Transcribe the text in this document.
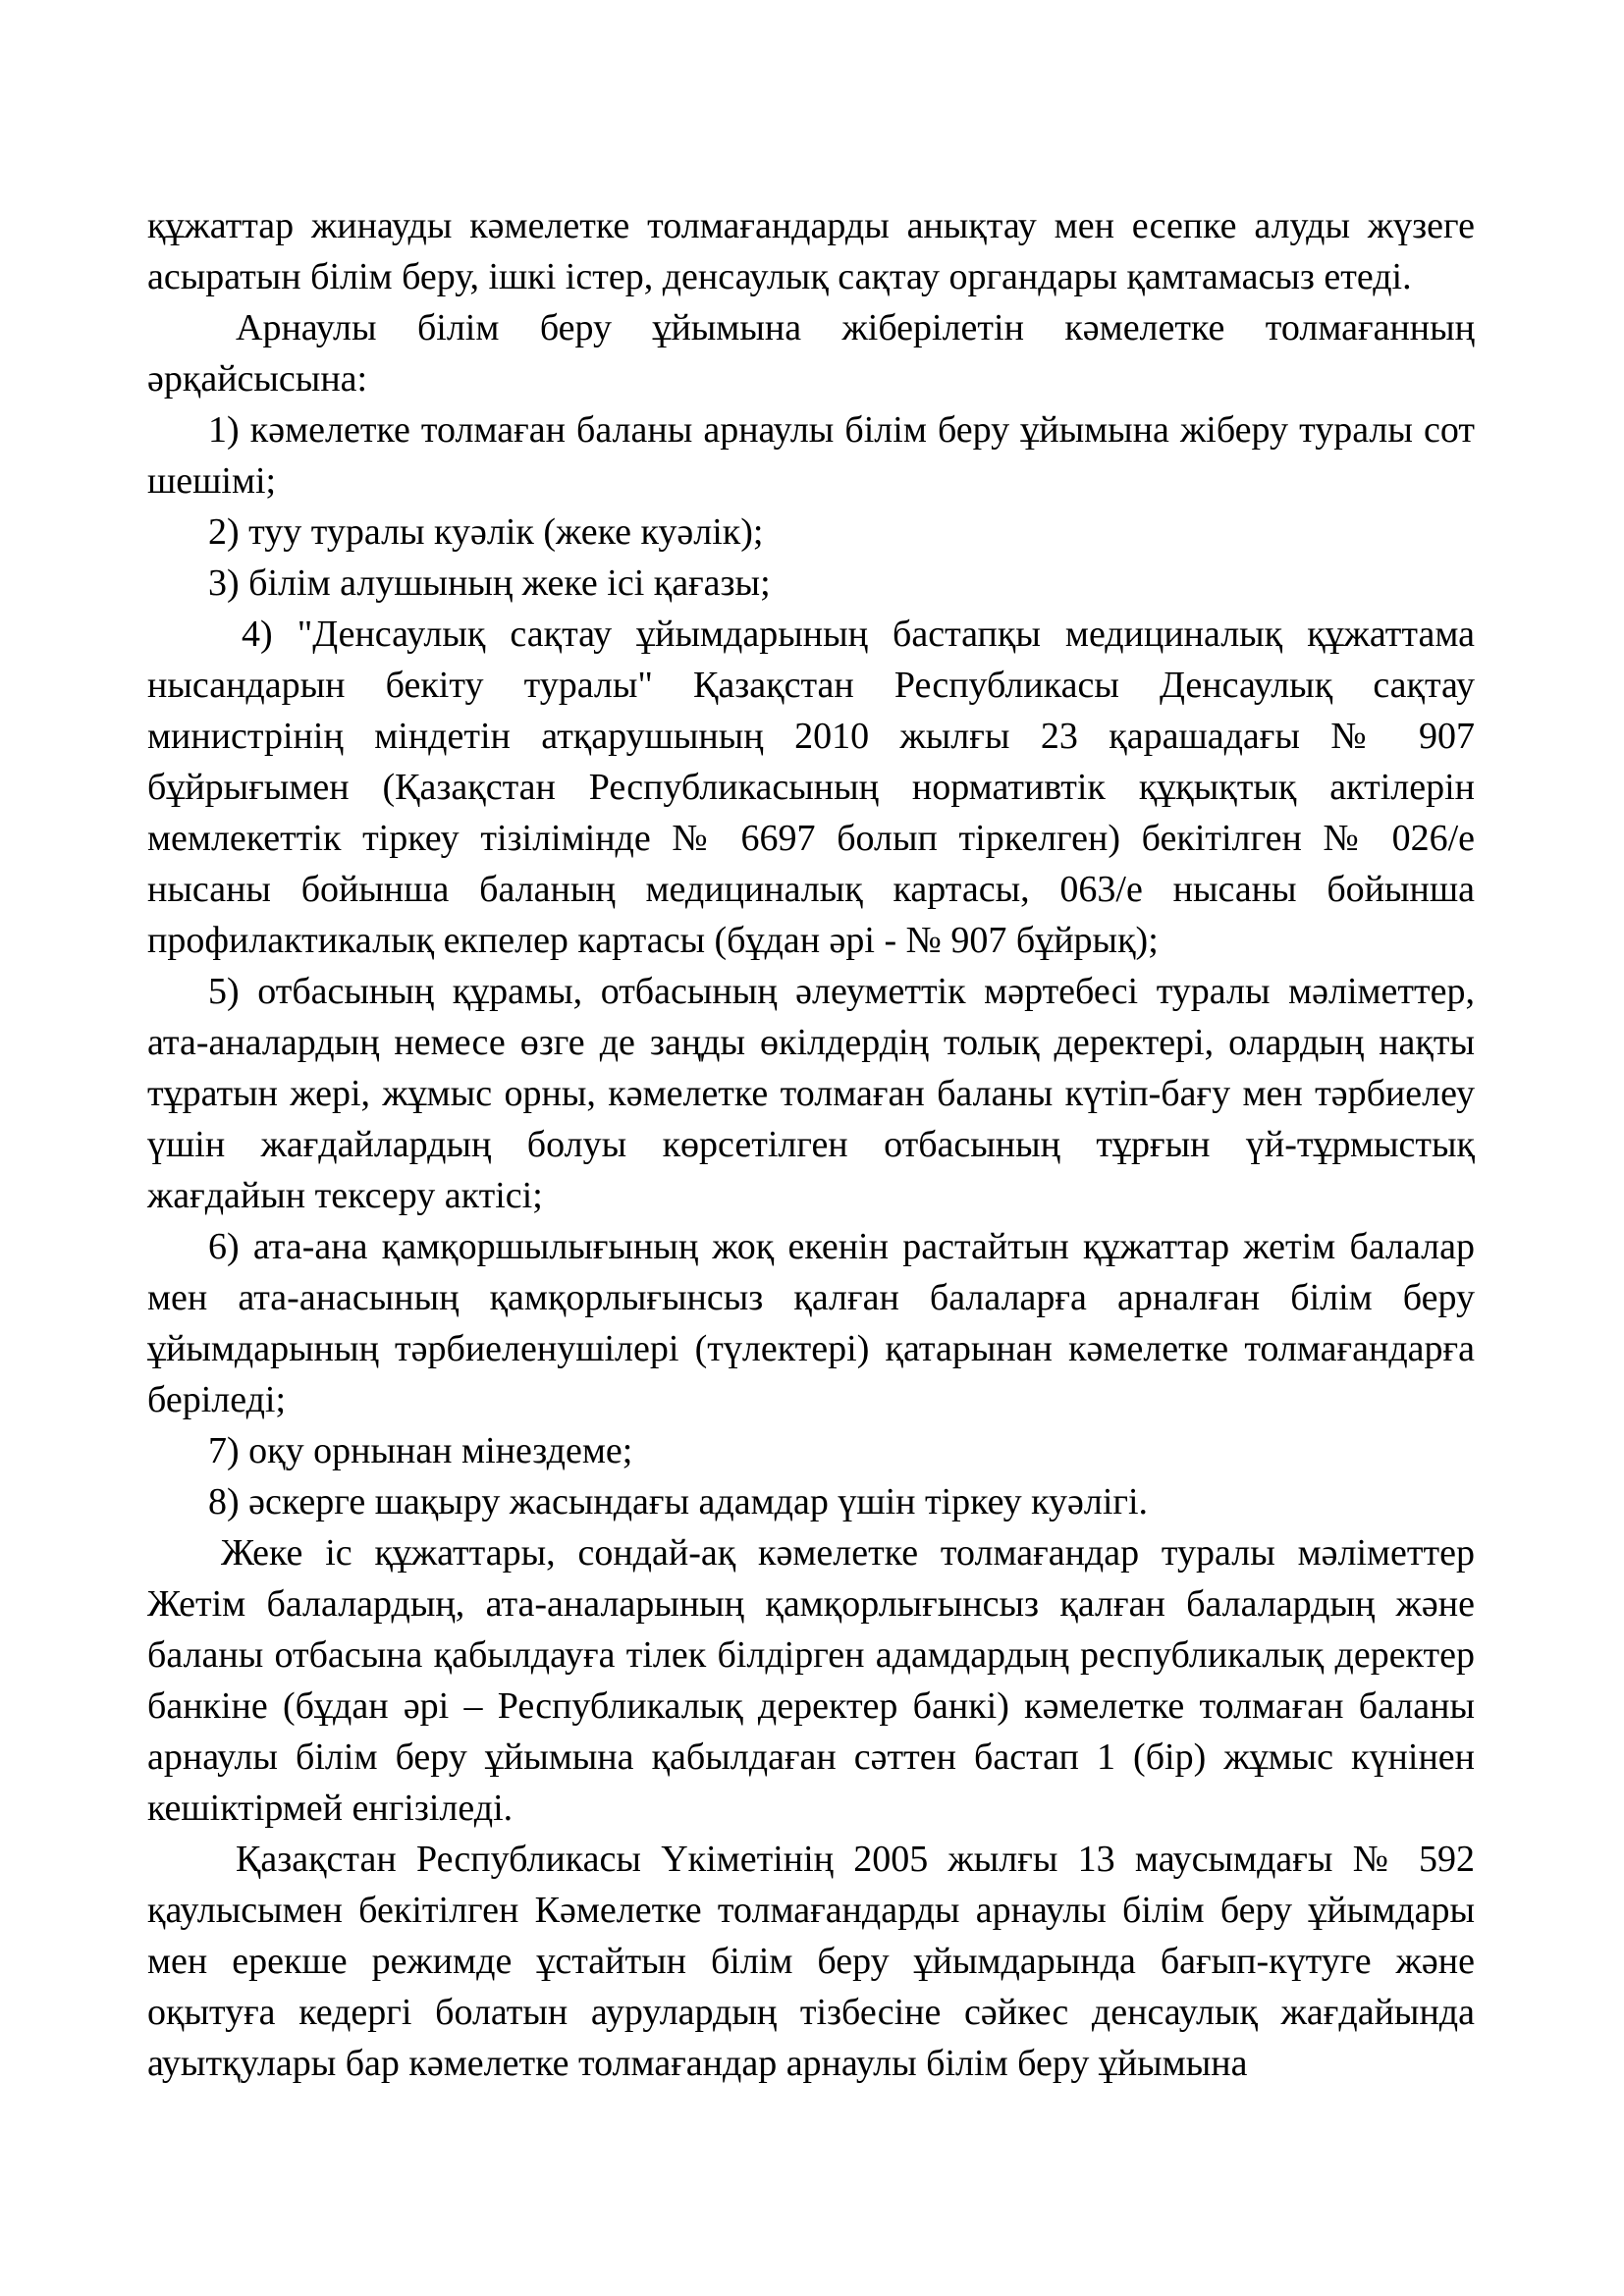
құжаттар жинауды кәмелетке толмағандарды анықтау мен есепке алуды жүзеге асыратын білім беру, ішкі істер, денсаулық сақтау органдары қамтамасыз етеді.

Арнаулы білім беру ұйымына жіберілетін кәмелетке толмағанның әрқайсысына:

1) кәмелетке толмаған баланы арнаулы білім беру ұйымына жіберу туралы сот шешімі;

2) туу туралы куәлік (жеке куәлік);

3) білім алушының жеке ісі қағазы;

4) "Денсаулық сақтау ұйымдарының бастапқы медициналық құжаттама нысандарын бекіту туралы" Қазақстан Республикасы Денсаулық сақтау министрінің міндетін атқарушының 2010 жылғы 23 қарашадағы № 907 бұйрығымен (Қазақстан Республикасының нормативтік құқықтық актілерін мемлекеттік тіркеу тізілімінде № 6697 болып тіркелген) бекітілген № 026/е нысаны бойынша баланың медициналық картасы, 063/е нысаны бойынша профилактикалық екпелер картасы (бұдан әрі - № 907 бұйрық);

5) отбасының құрамы, отбасының әлеуметтік мәртебесі туралы мәліметтер, ата-аналардың немесе өзге де заңды өкілдердің толық деректері, олардың нақты тұратын жері, жұмыс орны, кәмелетке толмаған баланы күтіп-бағу мен тәрбиелеу үшін жағдайлардың болуы көрсетілген отбасының тұрғын үй-тұрмыстық жағдайын тексеру актісі;

6) ата-ана қамқоршылығының жоқ екенін растайтын құжаттар жетім балалар мен ата-анасының қамқорлығынсыз қалған балаларға арналған білім беру ұйымдарының тәрбиеленушілері (түлектері) қатарынан кәмелетке толмағандарға беріледі;

7) оқу орнынан мінездеме;

8) әскерге шақыру жасындағы адамдар үшін тіркеу куәлігі.

Жеке іс құжаттары, сондай-ақ кәмелетке толмағандар туралы мәліметтер Жетім балалардың, ата-аналарының қамқорлығынсыз қалған балалардың және баланы отбасына қабылдауға тілек білдірген адамдардың республикалық деректер банкіне (бұдан әрі – Республикалық деректер банкі) кәмелетке толмаған баланы арнаулы білім беру ұйымына қабылдаған сәттен бастап 1 (бір) жұмыс күнінен кешіктірмей енгізіледі.

Қазақстан Республикасы Үкіметінің 2005 жылғы 13 маусымдағы № 592 қаулысымен бекітілген Кәмелетке толмағандарды арнаулы білім беру ұйымдары мен ерекше режимде ұстайтын білім беру ұйымдарында бағып-күтуге және оқытуға кедергі болатын аурулардың тізбесіне сәйкес денсаулық жағдайында ауытқулары бар кәмелетке толмағандар арнаулы білім беру ұйымына
